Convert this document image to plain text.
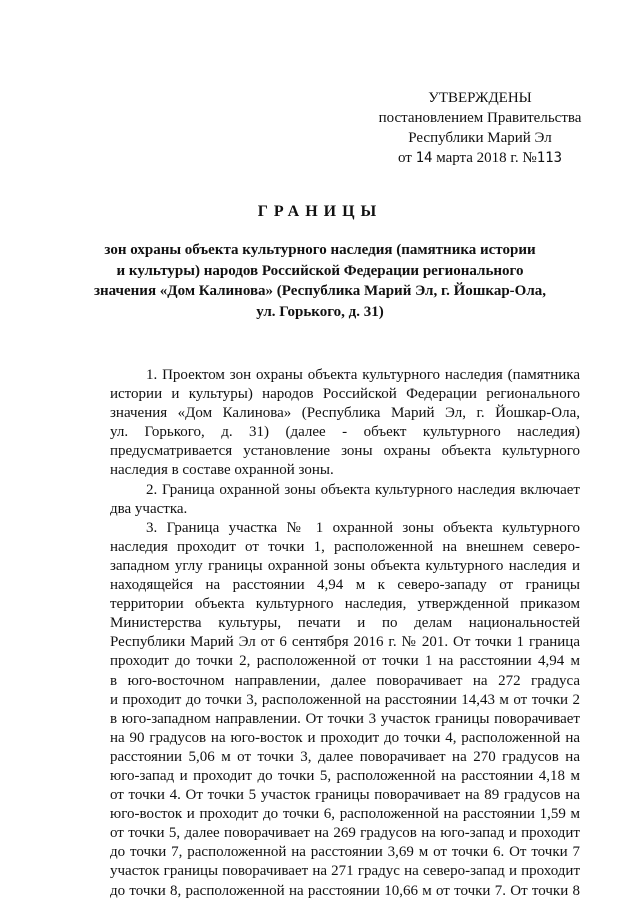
УТВЕРЖДЕНЫ
постановлением Правительства
Республики Марий Эл
от 14 марта 2018 г. №113
ГРАНИЦЫ
зон охраны объекта культурного наследия (памятника истории
и культуры) народов Российской Федерации регионального
значения «Дом Калинова» (Республика Марий Эл, г. Йошкар-Ола,
ул. Горького, д. 31)
1. Проектом зон охраны объекта культурного наследия (памятника
истории и культуры) народов Российской Федерации регионального
значения «Дом Калинова» (Республика Марий Эл, г. Йошкар-Ола,
ул. Горького, д. 31) (далее - объект культурного наследия)
предусматривается установление зоны охраны объекта культурного
наследия в составе охранной зоны.
2. Граница охранной зоны объекта культурного наследия включает
два участка.
3. Граница участка № 1 охранной зоны объекта культурного
наследия проходит от точки 1, расположенной на внешнем северо-
западном углу границы охранной зоны объекта культурного наследия и
находящейся на расстоянии 4,94 м к северо-западу от границы
территории объекта культурного наследия, утвержденной приказом
Министерства культуры, печати и по делам национальностей
Республики Марий Эл от 6 сентября 2016 г. № 201. От точки 1 граница
проходит до точки 2, расположенной от точки 1 на расстоянии 4,94 м
в юго-восточном направлении, далее поворачивает на 272 градуса
и проходит до точки 3, расположенной на расстоянии 14,43 м от точки 2
в юго-западном направлении. От точки 3 участок границы поворачивает
на 90 градусов на юго-восток и проходит до точки 4, расположенной на
расстоянии 5,06 м от точки 3, далее поворачивает на 270 градусов на
юго-запад и проходит до точки 5, расположенной на расстоянии 4,18 м
от точки 4. От точки 5 участок границы поворачивает на 89 градусов на
юго-восток и проходит до точки 6, расположенной на расстоянии 1,59 м
от точки 5, далее поворачивает на 269 градусов на юго-запад и проходит
до точки 7, расположенной на расстоянии 3,69 м от точки 6. От точки 7
участок границы поворачивает на 271 градус на северо-запад и проходит
до точки 8, расположенной на расстоянии 10,66 м от точки 7. От точки 8
